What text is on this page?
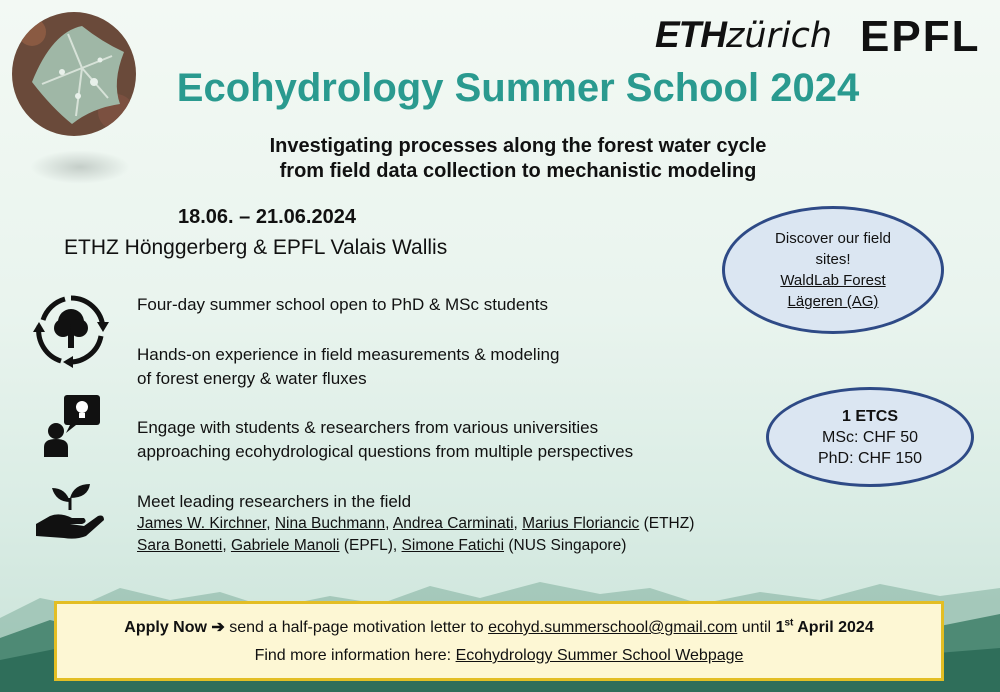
ETHzürich EPFL
Ecohydrology Summer School 2024
Investigating processes along the forest water cycle
from field data collection to mechanistic modeling
18.06. – 21.06.2024
ETHZ Hönggerberg & EPFL Valais Wallis
Four-day summer school open to PhD & MSc students
Hands-on experience in field measurements & modeling
of forest energy & water fluxes
Engage with students & researchers from various universities
approaching ecohydrological questions from multiple perspectives
Meet leading researchers in the field
James W. Kirchner, Nina Buchmann, Andrea Carminati, Marius Floriancic (ETHZ)
Sara Bonetti, Gabriele Manoli (EPFL), Simone Fatichi (NUS Singapore)
Discover our field
sites!
WaldLab Forest
Lägeren (AG)
1 ETCS
MSc: CHF 50
PhD: CHF 150
Apply Now ➔ send a half-page motivation letter to ecohyd.summerschool@gmail.com until 1st April 2024
Find more information here: Ecohydrology Summer School Webpage
